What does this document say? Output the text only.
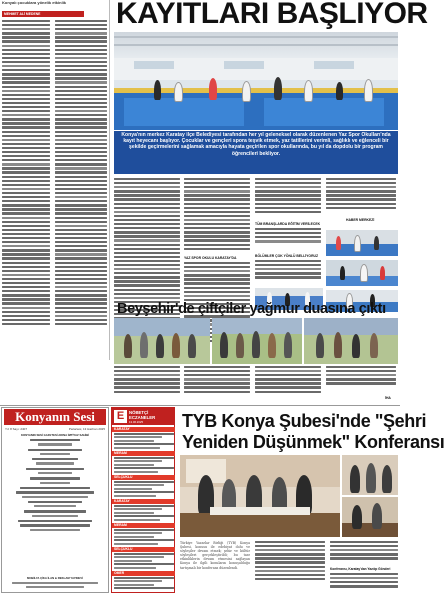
Konyalı çocuklara yönelik etkinlik
MEHMET ALİ MEDENE	KAYITLARI BAŞLIYOR
Konya'nın merkez Karatay ilçe Belediyesi tarafından her yıl geleneksel olarak düzenlenen Yaz Spor Okulları'nda kayıt heyecanı başlıyor. Çocuklar ve gençleri spora teşvik etmek, yaz tatillerini verimli, sağlıklı ve eğlenceli bir şekilde geçirmelerini sağlamak amacıyla hayata geçirilen spor okullarında, bu yıl da dopdolu bir program öğrencileri bekliyor.
YAZ SPOR OKULU KARATAY'DA
TÜM BRANŞLARDA EĞİTİM VERİLECEK
BÖLÜMLER ÇOK YÖNLÜ BELLİYORUZ
HABER MERKEZİ
Beyşehir'de çiftçiler yağmur duasına çıktı
İHA
Konyanın Sesi
Yıl: 8 Sayı: 2407	Pazartesi, 13 Haziran 2025
KONYANIN SESİ GAZETESİ ADINA İMTİYAZ SAHİBİ
MOBİLYA ÇİKA İLAN & REKLAM YAYINEVİ
E	NÖBETÇİ ECZANELER
13.06.2025
KARATAY
MERAM
SELÇUKLU
KARATAY
MERAM
SELÇUKLU
ÖMER
TYB Konya Şubesi'nde "Şehri
Yeniden Düşünmek" Konferansı
Türkiye Yazarlar Birliği (TYB) Konya Şubesi, konusu ile edebiyat dolu ve söyleşiler devam etmek; şehir ve kültür söyleşileri gerçekleştirildi; bu tarz etkinliklerin devam etmesini sağlayan Konya ile ilgili konuların konuşulduğu tartışmalı bir konferans düzenlendi.	Konferansı, Karatay'dan Yazılıp Gönderi
